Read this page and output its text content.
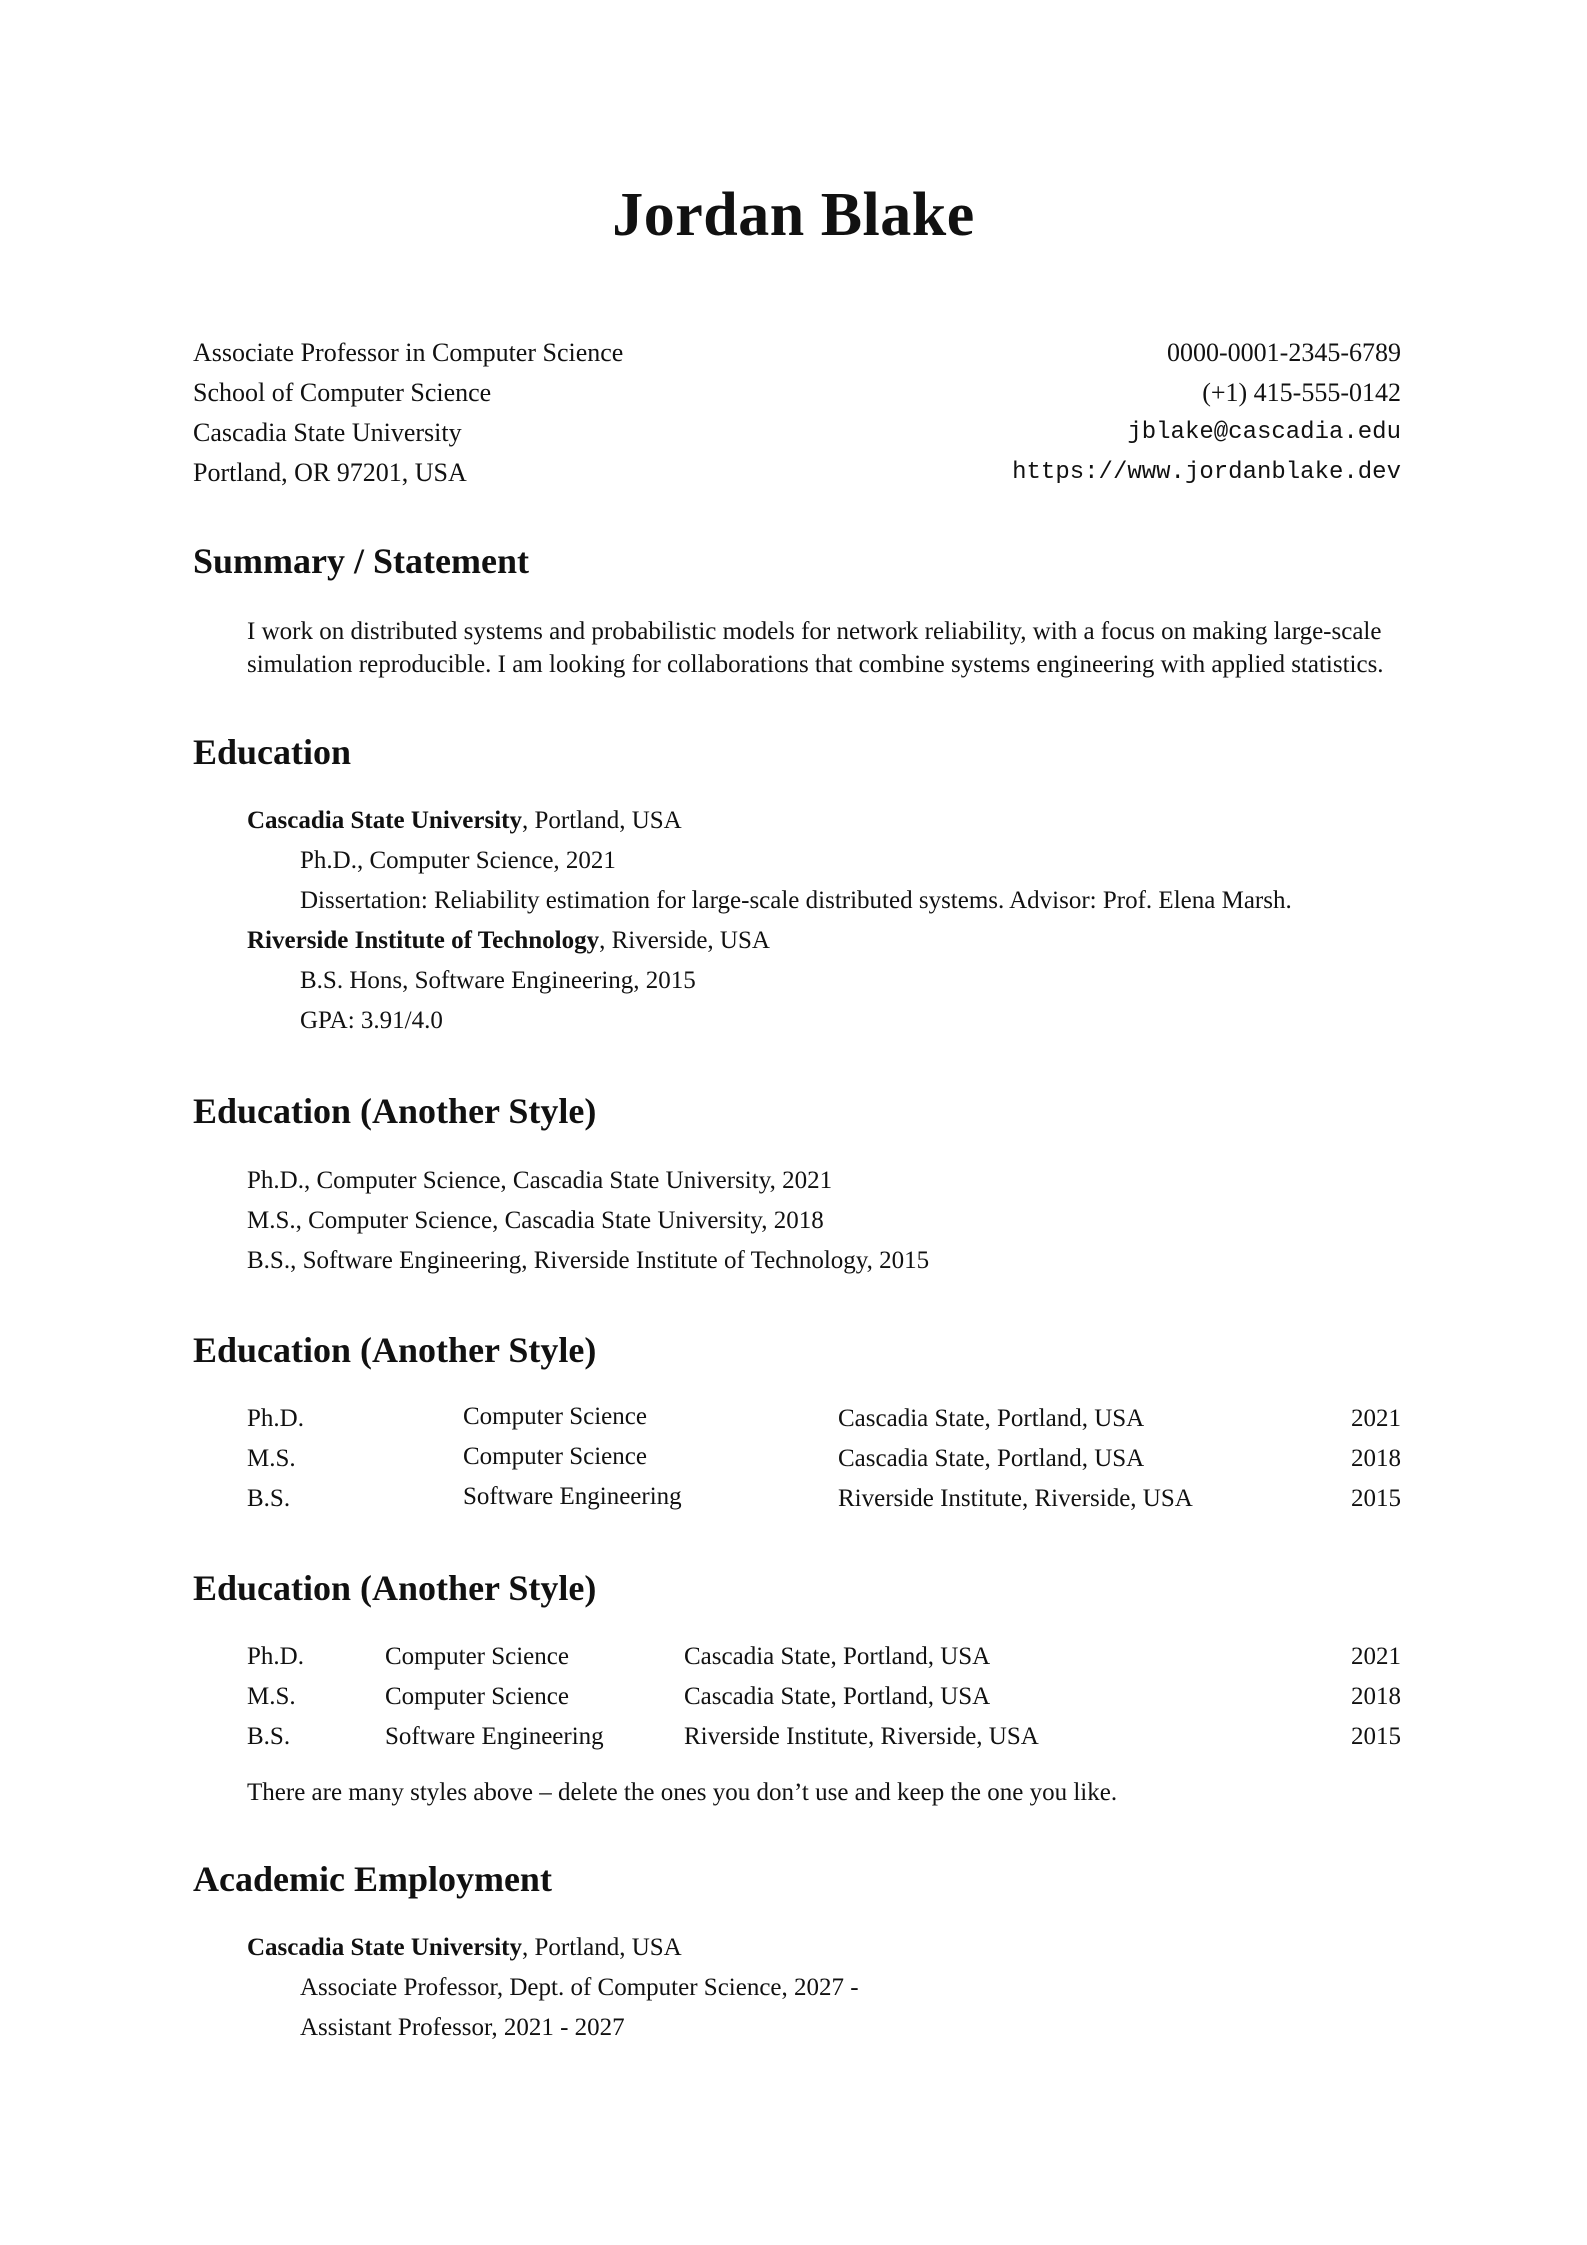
Jordan Blake
Associate Professor in Computer Science
School of Computer Science
Cascadia State University
Portland, OR 97201, USA
0000-0001-2345-6789
(+1) 415-555-0142
jblake@cascadia.edu
https://www.jordanblake.dev
Summary / Statement
I work on distributed systems and probabilistic models for network reliability, with a focus on making large-scale
simulation reproducible. I am looking for collaborations that combine systems engineering with applied statistics.
Education
Cascadia State University, Portland, USA
Ph.D., Computer Science, 2021
Dissertation: Reliability estimation for large-scale distributed systems. Advisor: Prof. Elena Marsh.
Riverside Institute of Technology, Riverside, USA
B.S. Hons, Software Engineering, 2015
GPA: 3.91/4.0
Education (Another Style)
Ph.D., Computer Science, Cascadia State University, 2021
M.S., Computer Science, Cascadia State University, 2018
B.S., Software Engineering, Riverside Institute of Technology, 2015
Education (Another Style)
Ph.D.	Computer Science	Cascadia State, Portland, USA	2021
M.S.	Computer Science	Cascadia State, Portland, USA	2018
B.S.	Software Engineering	Riverside Institute, Riverside, USA	2015
Education (Another Style)
Ph.D.	Computer Science	Cascadia State, Portland, USA	2021
M.S.	Computer Science	Cascadia State, Portland, USA	2018
B.S.	Software Engineering	Riverside Institute, Riverside, USA	2015
There are many styles above – delete the ones you don’t use and keep the one you like.
Academic Employment
Cascadia State University, Portland, USA
Associate Professor, Dept. of Computer Science, 2027 -
Assistant Professor, 2021 - 2027
